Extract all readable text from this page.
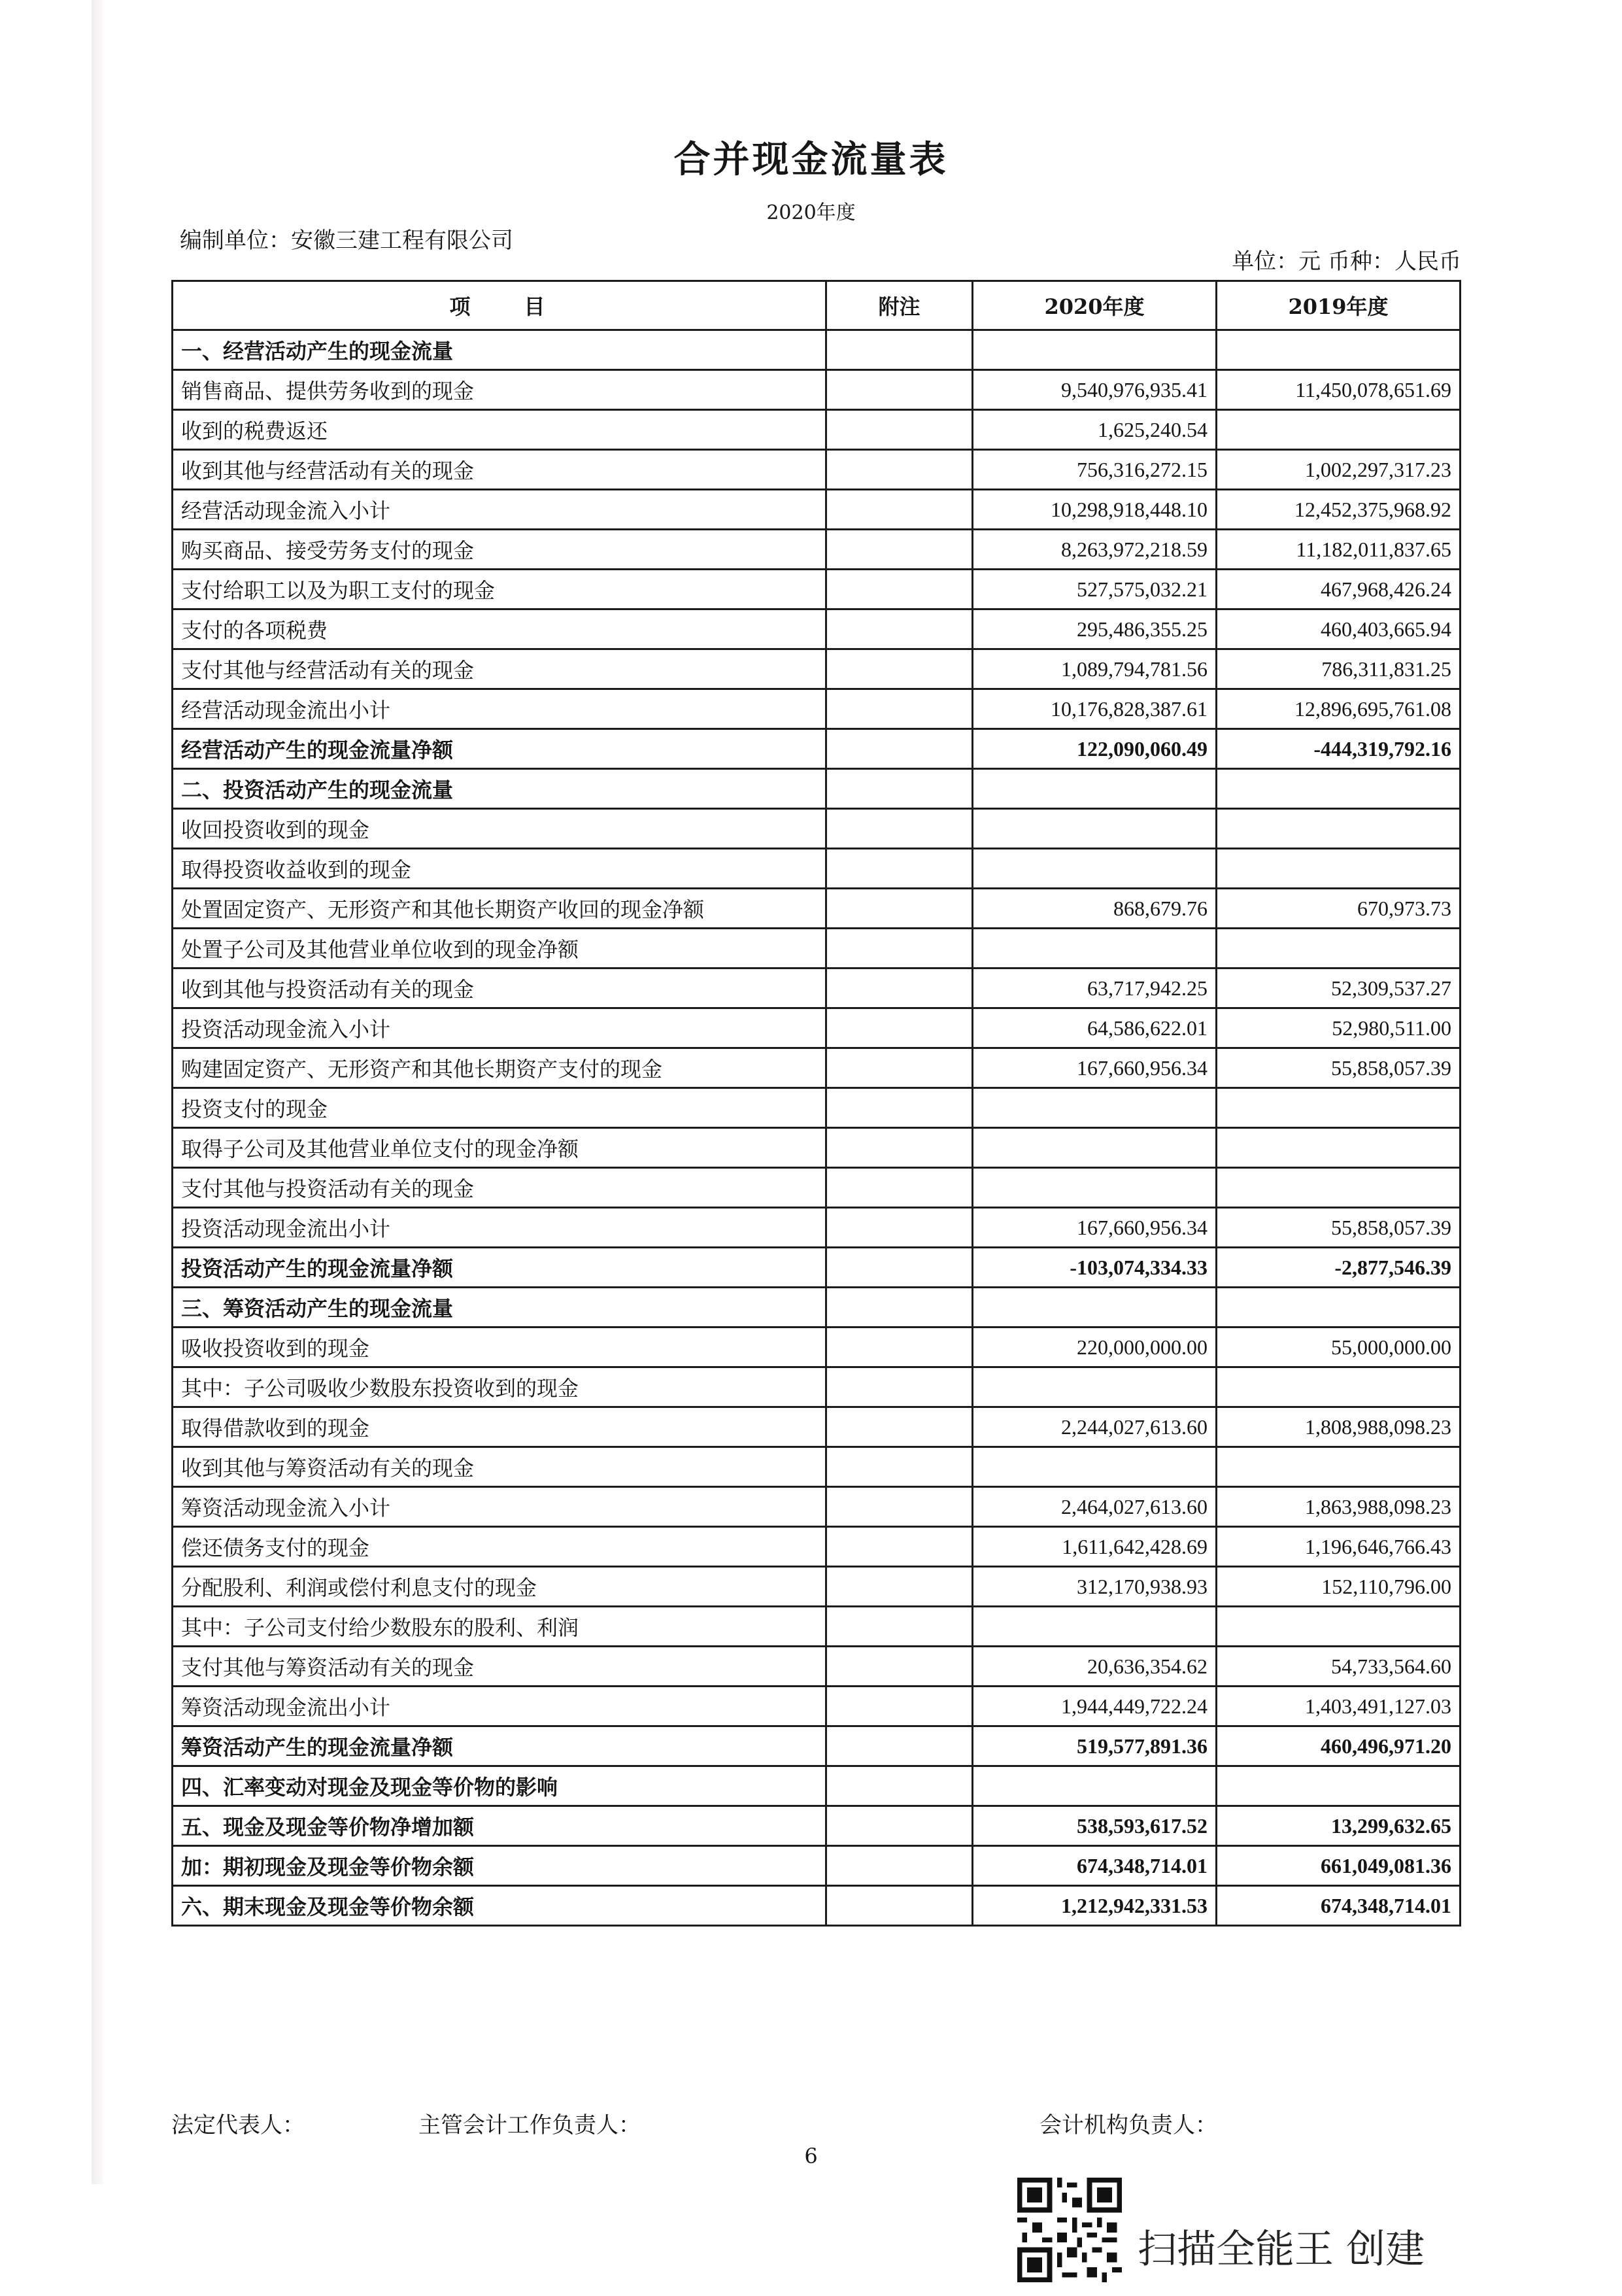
合并现金流量表
2020年度
编制单位：安徽三建工程有限公司
单位：元 币种：人民币
项　　目	附注	2020年度	2019年度
一、经营活动产生的现金流量			
销售商品、提供劳务收到的现金		9,540,976,935.41	11,450,078,651.69
收到的税费返还		1,625,240.54	
收到其他与经营活动有关的现金		756,316,272.15	1,002,297,317.23
经营活动现金流入小计		10,298,918,448.10	12,452,375,968.92
购买商品、接受劳务支付的现金		8,263,972,218.59	11,182,011,837.65
支付给职工以及为职工支付的现金		527,575,032.21	467,968,426.24
支付的各项税费		295,486,355.25	460,403,665.94
支付其他与经营活动有关的现金		1,089,794,781.56	786,311,831.25
经营活动现金流出小计		10,176,828,387.61	12,896,695,761.08
经营活动产生的现金流量净额		122,090,060.49	-444,319,792.16
二、投资活动产生的现金流量			
收回投资收到的现金			
取得投资收益收到的现金			
处置固定资产、无形资产和其他长期资产收回的现金净额		868,679.76	670,973.73
处置子公司及其他营业单位收到的现金净额			
收到其他与投资活动有关的现金		63,717,942.25	52,309,537.27
投资活动现金流入小计		64,586,622.01	52,980,511.00
购建固定资产、无形资产和其他长期资产支付的现金		167,660,956.34	55,858,057.39
投资支付的现金			
取得子公司及其他营业单位支付的现金净额			
支付其他与投资活动有关的现金			
投资活动现金流出小计		167,660,956.34	55,858,057.39
投资活动产生的现金流量净额		-103,074,334.33	-2,877,546.39
三、筹资活动产生的现金流量			
吸收投资收到的现金		220,000,000.00	55,000,000.00
其中：子公司吸收少数股东投资收到的现金			
取得借款收到的现金		2,244,027,613.60	1,808,988,098.23
收到其他与筹资活动有关的现金			
筹资活动现金流入小计		2,464,027,613.60	1,863,988,098.23
偿还债务支付的现金		1,611,642,428.69	1,196,646,766.43
分配股利、利润或偿付利息支付的现金		312,170,938.93	152,110,796.00
其中：子公司支付给少数股东的股利、利润			
支付其他与筹资活动有关的现金		20,636,354.62	54,733,564.60
筹资活动现金流出小计		1,944,449,722.24	1,403,491,127.03
筹资活动产生的现金流量净额		519,577,891.36	460,496,971.20
四、汇率变动对现金及现金等价物的影响			
五、现金及现金等价物净增加额		538,593,617.52	13,299,632.65
加：期初现金及现金等价物余额		674,348,714.01	661,049,081.36
六、期末现金及现金等价物余额		1,212,942,331.53	674,348,714.01
法定代表人：	主管会计工作负责人：	会计机构负责人：
6
扫描全能王 创建
